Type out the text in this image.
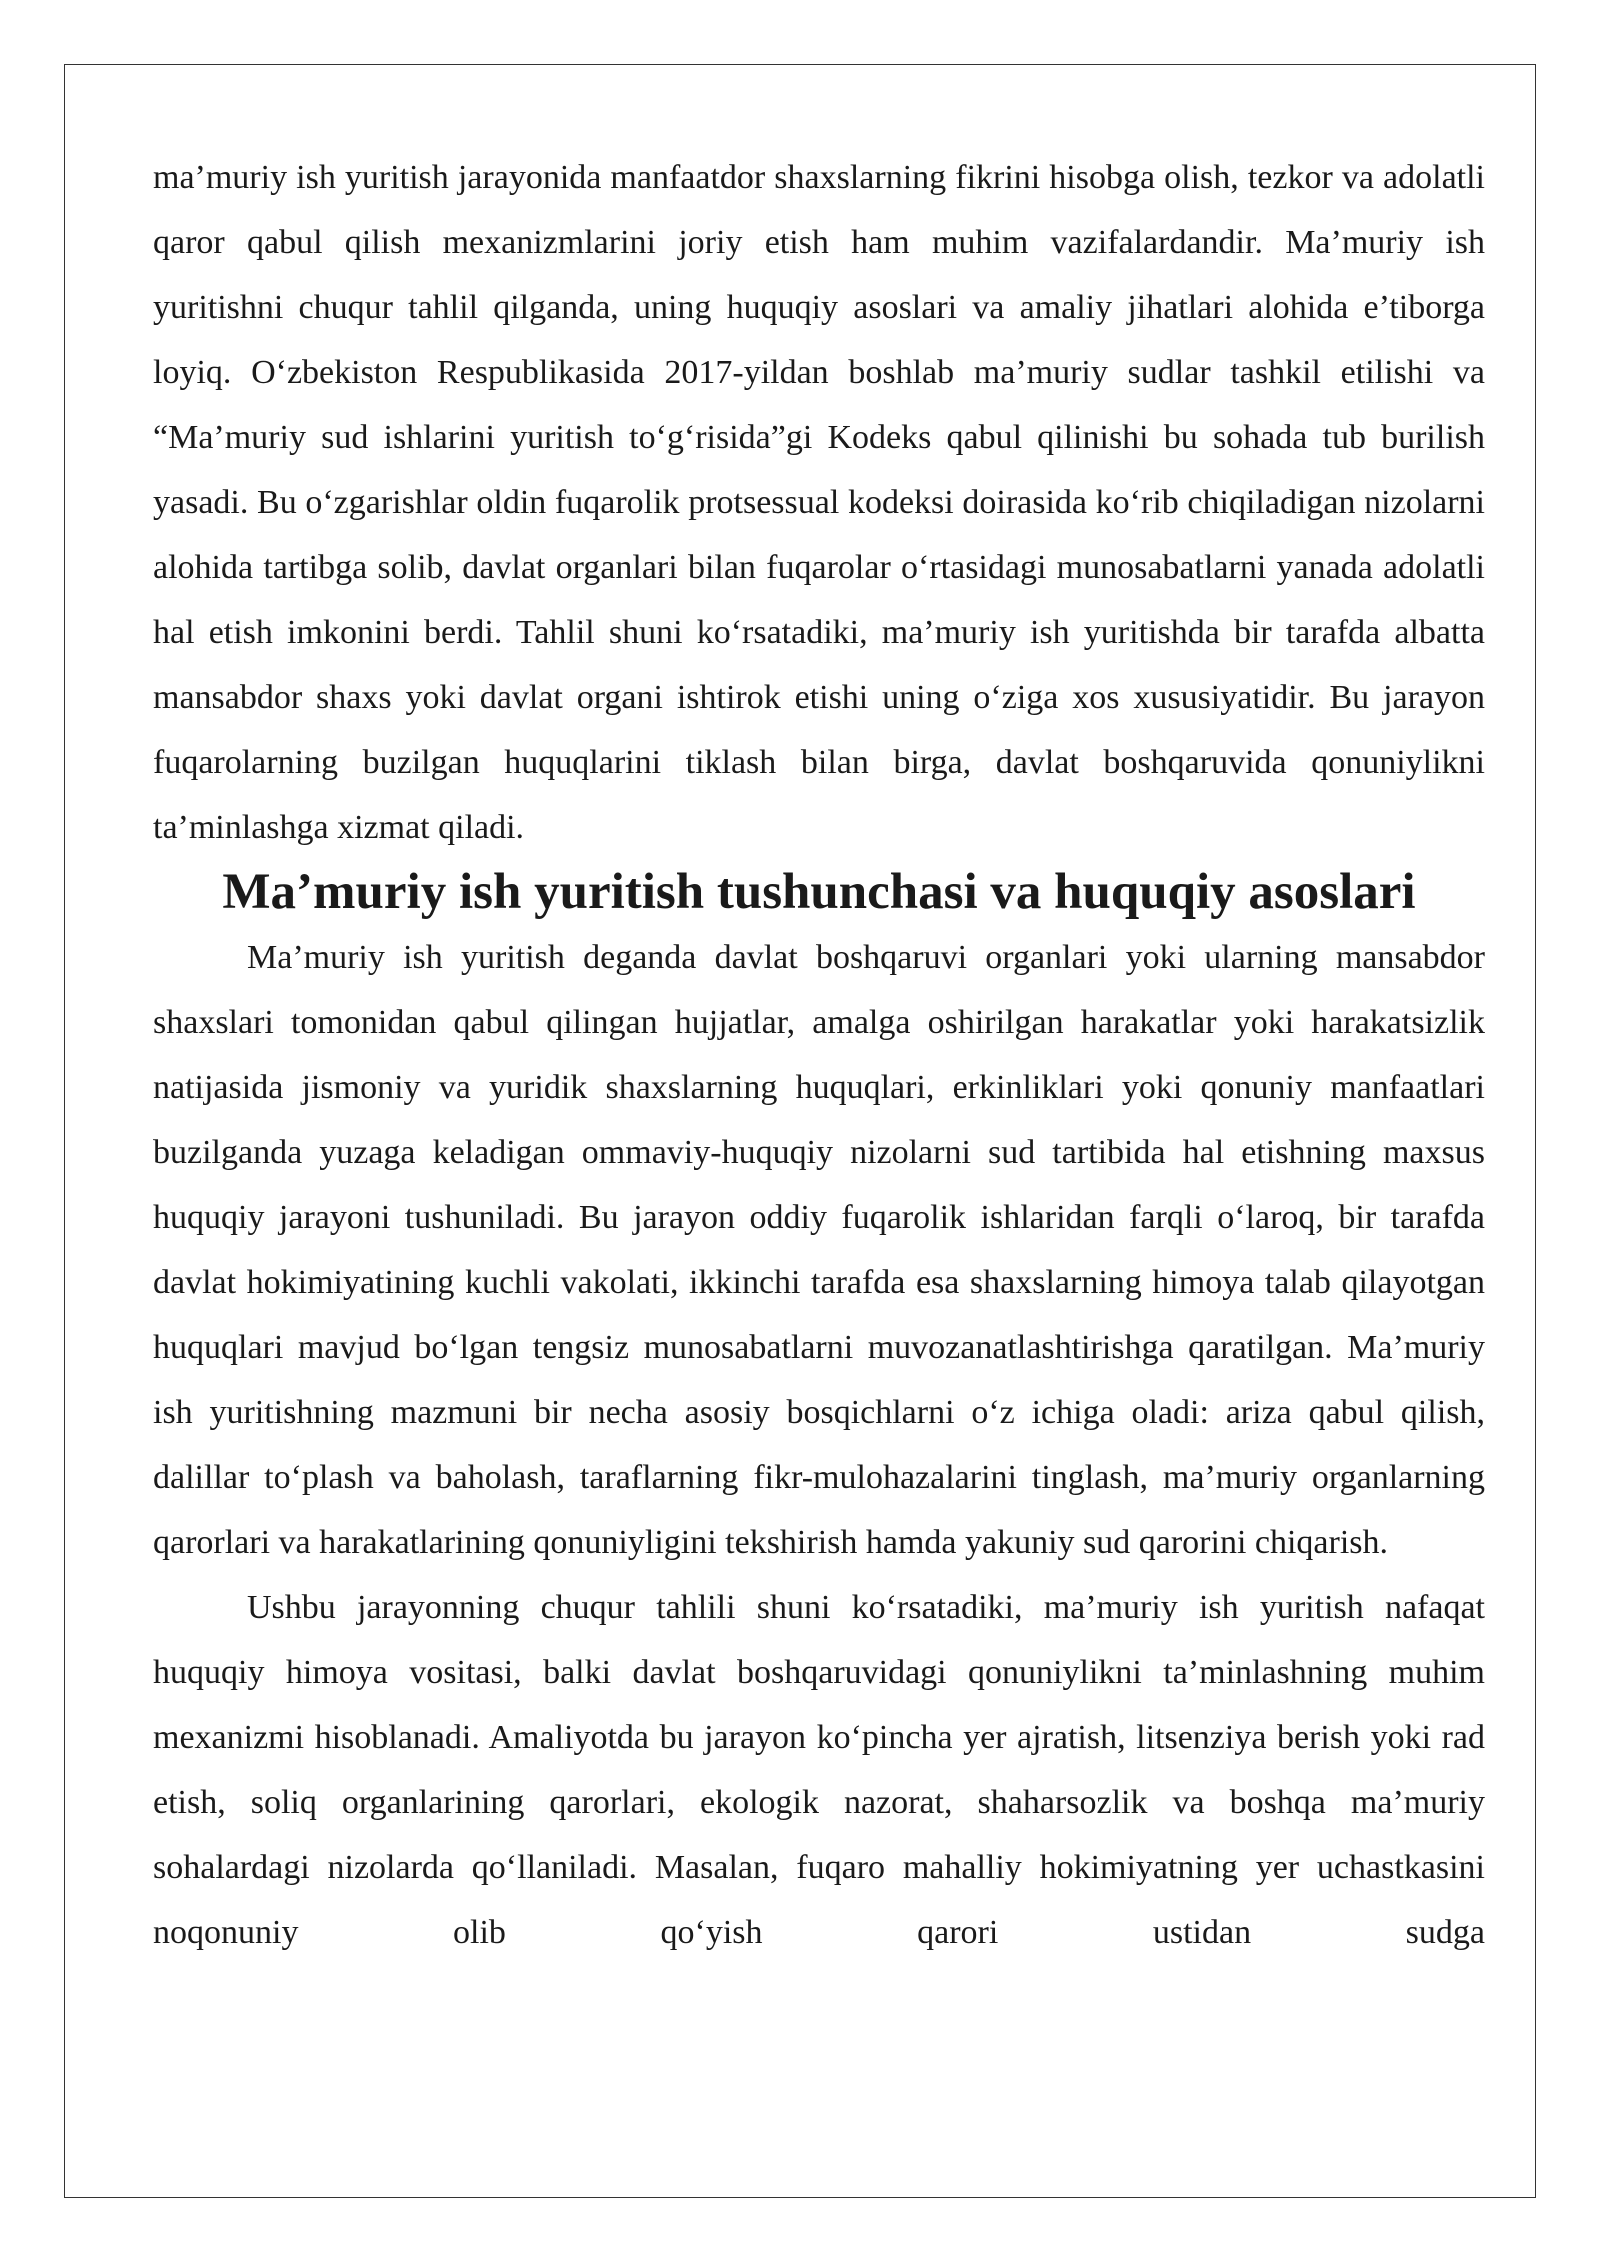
ma’muriy ish yuritish jarayonida manfaatdor shaxslarning fikrini hisobga olish, tezkor va adolatli qaror qabul qilish mexanizmlarini joriy etish ham muhim vazifalardandir. Ma’muriy ish yuritishni chuqur tahlil qilganda, uning huquqiy asoslari va amaliy jihatlari alohida e’tiborga loyiq. O‘zbekiston Respublikasida 2017-yildan boshlab ma’muriy sudlar tashkil etilishi va “Ma’muriy sud ishlarini yuritish to‘g‘risida”gi Kodeks qabul qilinishi bu sohada tub burilish yasadi. Bu o‘zgarishlar oldin fuqarolik protsessual kodeksi doirasida ko‘rib chiqiladigan nizolarni alohida tartibga solib, davlat organlari bilan fuqarolar o‘rtasidagi munosabatlarni yanada adolatli hal etish imkonini berdi. Tahlil shuni ko‘rsatadiki, ma’muriy ish yuritishda bir tarafda albatta mansabdor shaxs yoki davlat organi ishtirok etishi uning o‘ziga xos xususiyatidir. Bu jarayon fuqarolarning buzilgan huquqlarini tiklash bilan birga, davlat boshqaruvida qonuniylikni ta’minlashga xizmat qiladi.

Ma’muriy ish yuritish tushunchasi va huquqiy asoslari

Ma’muriy ish yuritish deganda davlat boshqaruvi organlari yoki ularning mansabdor shaxslari tomonidan qabul qilingan hujjatlar, amalga oshirilgan harakatlar yoki harakatsizlik natijasida jismoniy va yuridik shaxslarning huquqlari, erkinliklari yoki qonuniy manfaatlari buzilganda yuzaga keladigan ommaviy-huquqiy nizolarni sud tartibida hal etishning maxsus huquqiy jarayoni tushuniladi. Bu jarayon oddiy fuqarolik ishlaridan farqli o‘laroq, bir tarafda davlat hokimiyatining kuchli vakolati, ikkinchi tarafda esa shaxslarning himoya talab qilayotgan huquqlari mavjud bo‘lgan tengsiz munosabatlarni muvozanatlashtirishga qaratilgan. Ma’muriy ish yuritishning mazmuni bir necha asosiy bosqichlarni o‘z ichiga oladi: ariza qabul qilish, dalillar to‘plash va baholash, taraflarning fikr-mulohazalarini tinglash, ma’muriy organlarning qarorlari va harakatlarining qonuniyligini tekshirish hamda yakuniy sud qarorini chiqarish.

Ushbu jarayonning chuqur tahlili shuni ko‘rsatadiki, ma’muriy ish yuritish nafaqat huquqiy himoya vositasi, balki davlat boshqaruvidagi qonuniylikni ta’minlashning muhim mexanizmi hisoblanadi. Amaliyotda bu jarayon ko‘pincha yer ajratish, litsenziya berish yoki rad etish, soliq organlarining qarorlari, ekologik nazorat, shaharsozlik va boshqa ma’muriy sohalardagi nizolarda qo‘llaniladi. Masalan, fuqaro mahalliy hokimiyatning yer uchastkasini noqonuniy olib qo‘yish qarori ustidan sudga
